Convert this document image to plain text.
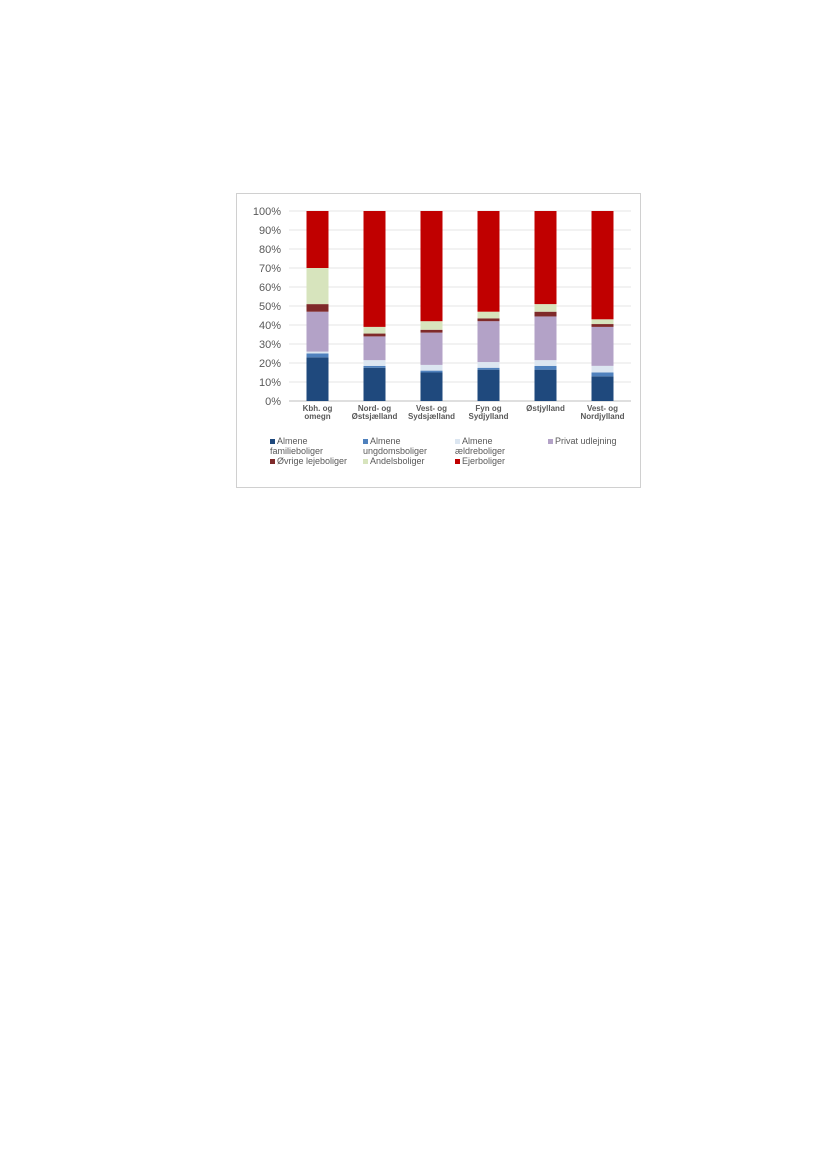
0%
10%
20%
30%
40%
50%
60%
70%
80%
90%
100%
Kbh. og
omegn
Nord- og
Østsjælland
Vest- og
Sydsjælland
Fyn og
Sydjylland
Østjylland	Vest- og
Nordjylland
Almene
familieboliger
Almene
ungdomsboliger
Almene
ældreboliger
Privat udlejning
Øvrige lejeboliger	Andelsboliger	Ejerboliger
